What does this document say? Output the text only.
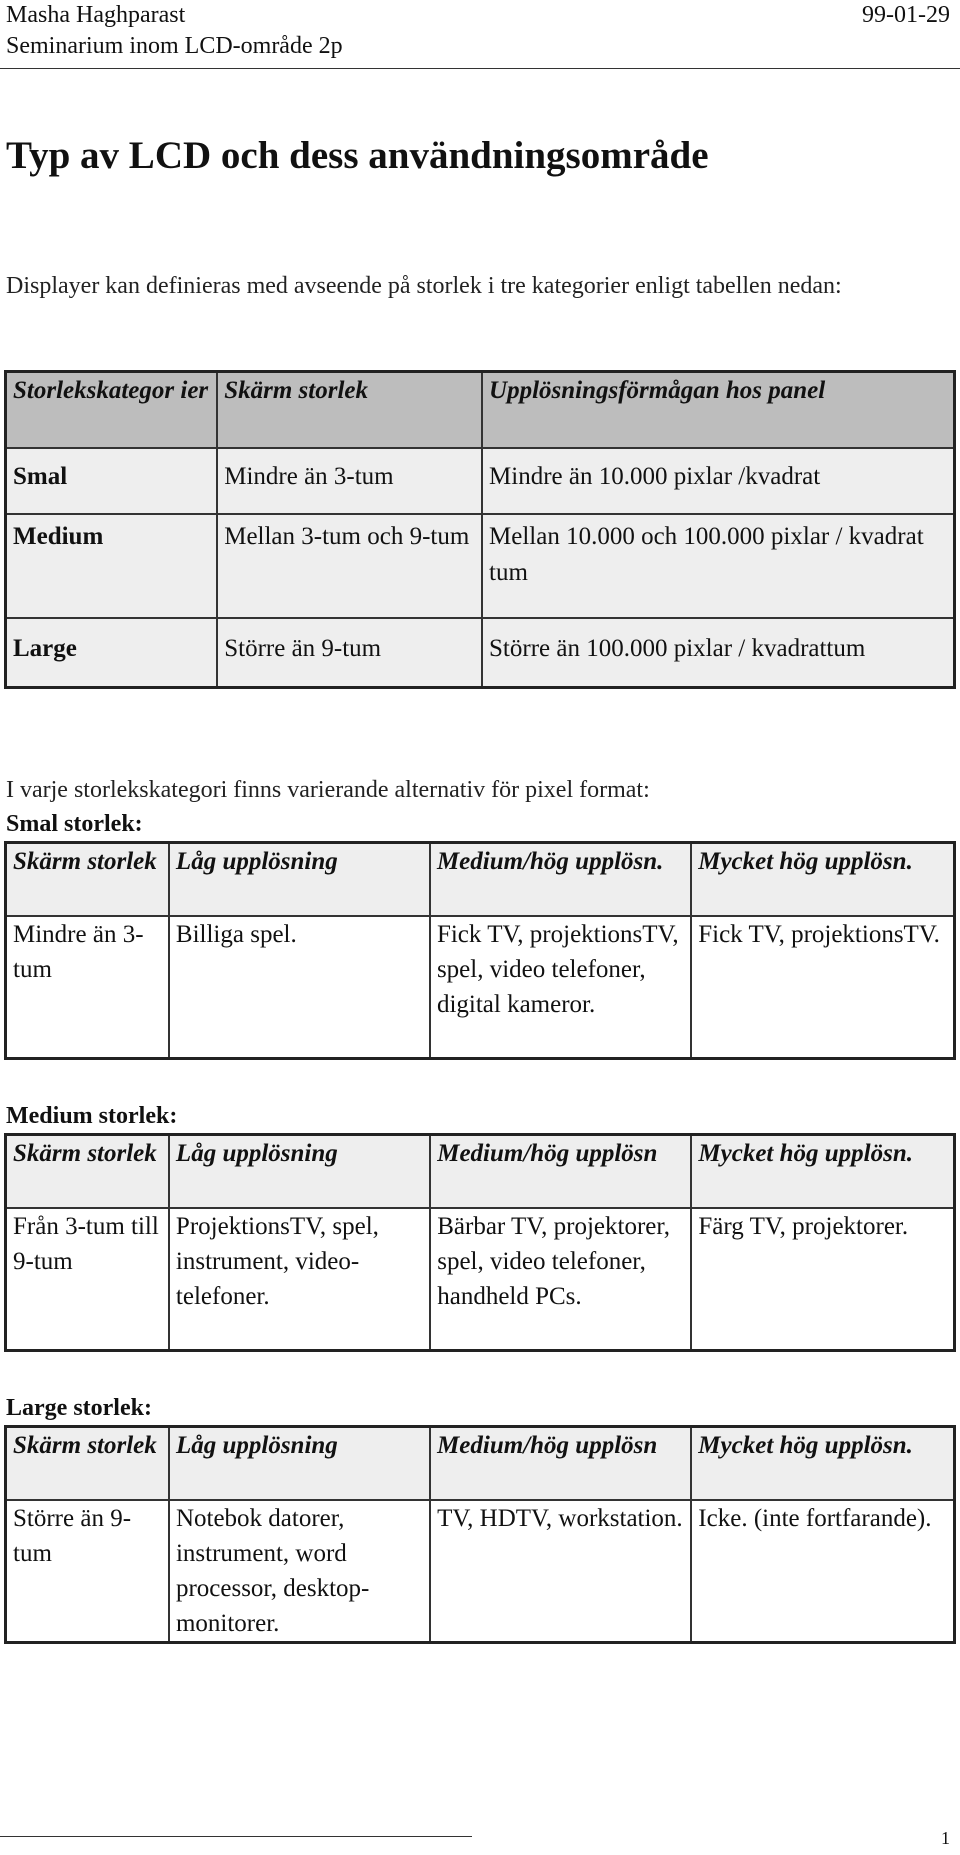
Masha Haghparast	99-01-29
Seminarium inom LCD-område 2p
Typ av LCD och dess användningsområde
Displayer kan definieras med avseende på storlek i tre kategorier enligt tabellen nedan:
Storlekskategor ier	Skärm storlek	Upplösningsförmågan hos panel
Smal	Mindre än 3-tum	Mindre än 10.000 pixlar /kvadrat
Medium	Mellan 3-tum och 9-tum	Mellan 10.000 och 100.000 pixlar / kvadrat tum
Large	Större än 9-tum	Större än 100.000 pixlar / kvadrattum
I varje storlekskategori finns varierande alternativ för pixel format:
Smal storlek:
Skärm storlek	Låg upplösning	Medium/hög upplösn.	Mycket hög upplösn.
Mindre än 3-tum	Billiga spel.	Fick TV, projektionsTV, spel, video telefoner, digital kameror.	Fick TV, projektionsTV.
Medium storlek:
Skärm storlek	Låg upplösning	Medium/hög upplösn	Mycket hög upplösn.
Från 3-tum till 9-tum	ProjektionsTV, spel, instrument, video-telefoner.	Bärbar TV, projektorer, spel, video telefoner, handheld PCs.	Färg TV, projektorer.
Large storlek:
Skärm storlek	Låg upplösning	Medium/hög upplösn	Mycket hög upplösn.
Större än 9-tum	Notebok datorer, instrument, word processor, desktop-monitorer.	TV, HDTV, workstation.	Icke. (inte fortfarande).
1
